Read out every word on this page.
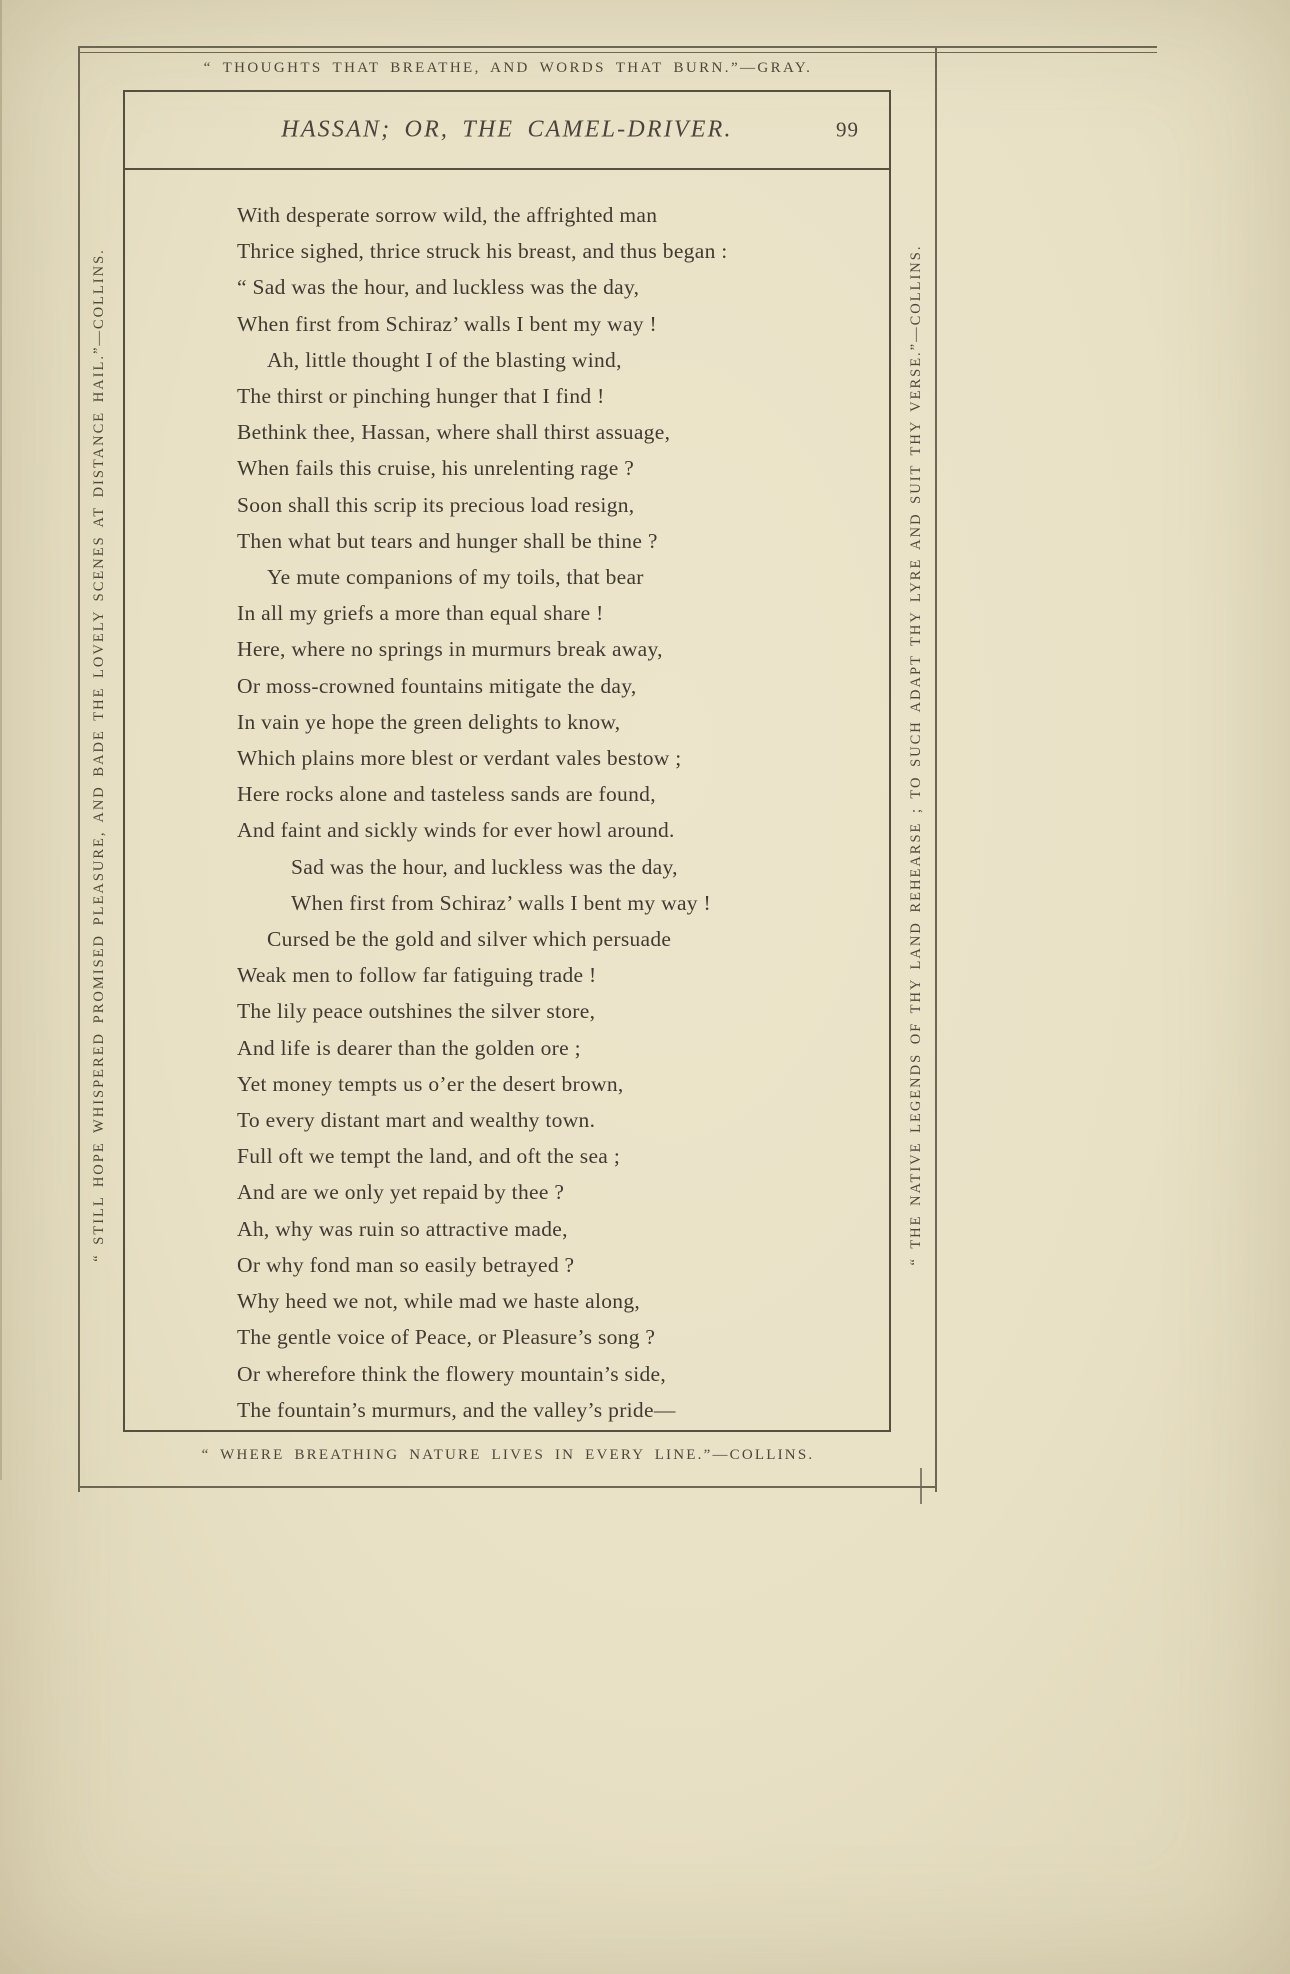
“ THOUGHTS THAT BREATHE, AND WORDS THAT BURN.”—GRAY.
“ STILL HOPE WHISPERED PROMISED PLEASURE, AND BADE THE LOVELY SCENES AT DISTANCE HAIL.”—COLLINS.	“ THE NATIVE LEGENDS OF THY LAND REHEARSE ; TO SUCH ADAPT THY LYRE AND SUIT THY VERSE.”—COLLINS.
HASSAN; OR, THE CAMEL-DRIVER.	99
With desperate sorrow wild, the affrighted man
Thrice sighed, thrice struck his breast, and thus began :
“ Sad was the hour, and luckless was the day,
When first from Schiraz’ walls I bent my way !
Ah, little thought I of the blasting wind,
The thirst or pinching hunger that I find !
Bethink thee, Hassan, where shall thirst assuage,
When fails this cruise, his unrelenting rage ?
Soon shall this scrip its precious load resign,
Then what but tears and hunger shall be thine ?
Ye mute companions of my toils, that bear
In all my griefs a more than equal share !
Here, where no springs in murmurs break away,
Or moss-crowned fountains mitigate the day,
In vain ye hope the green delights to know,
Which plains more blest or verdant vales bestow ;
Here rocks alone and tasteless sands are found,
And faint and sickly winds for ever howl around.
Sad was the hour, and luckless was the day,
When first from Schiraz’ walls I bent my way !
Cursed be the gold and silver which persuade
Weak men to follow far fatiguing trade !
The lily peace outshines the silver store,
And life is dearer than the golden ore ;
Yet money tempts us o’er the desert brown,
To every distant mart and wealthy town.
Full oft we tempt the land, and oft the sea ;
And are we only yet repaid by thee ?
Ah, why was ruin so attractive made,
Or why fond man so easily betrayed ?
Why heed we not, while mad we haste along,
The gentle voice of Peace, or Pleasure’s song ?
Or wherefore think the flowery mountain’s side,
The fountain’s murmurs, and the valley’s pride—
“ WHERE BREATHING NATURE LIVES IN EVERY LINE.”—COLLINS.
